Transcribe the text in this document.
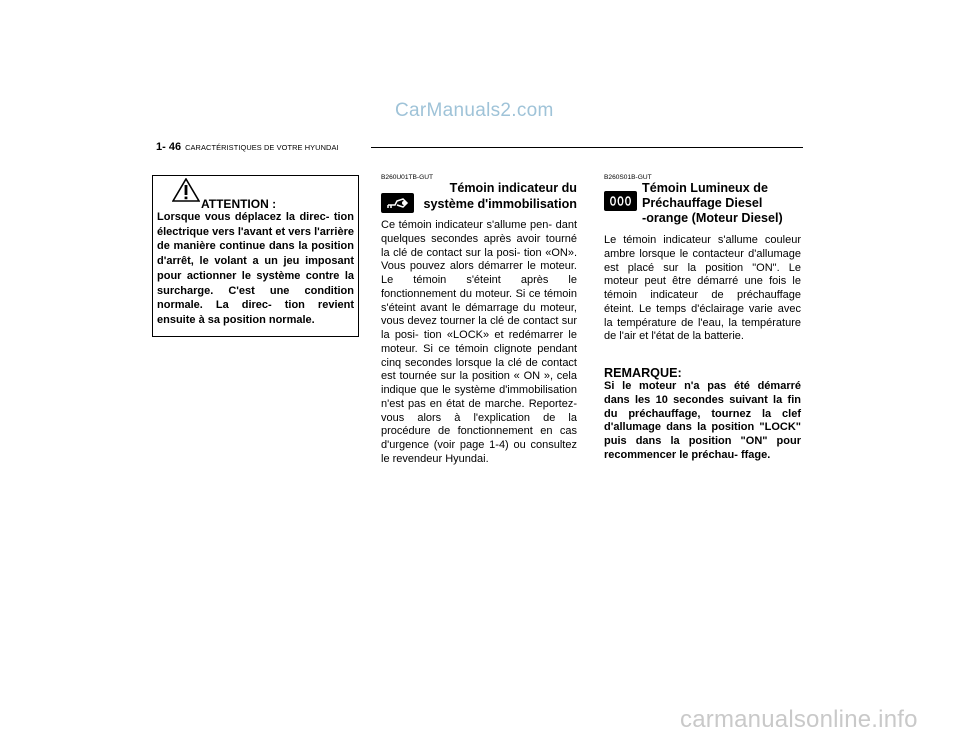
CarManuals2.com
1- 46 CARACTÉRISTIQUES DE VOTRE HYUNDAI
ATTENTION :
Lorsque vous déplacez la direc- tion électrique vers l'avant et vers l'arrière de manière continue dans la position d'arrêt, le volant a un jeu imposant pour actionner le système contre la surcharge. C'est une condition normale. La direc- tion revient ensuite à sa position normale.
B260U01TB-GUT
Témoin indicateur du
système d'immobilisation
Ce témoin indicateur s'allume pen- dant quelques secondes après avoir tourné la clé de contact sur la posi- tion «ON». Vous pouvez alors démarrer le moteur. Le témoin s'éteint après le fonctionnement du moteur. Si ce témoin s'éteint avant le démarrage du moteur, vous devez tourner la clé de contact sur la posi- tion «LOCK» et redémarrer le moteur. Si ce témoin clignote pendant cinq secondes lorsque la clé de contact est tournée sur la position « ON », cela indique que le système d'immobilisation n'est pas en état de marche. Reportez-vous alors à l'explication de la procédure de fonctionnement en cas d'urgence (voir page 1-4) ou consultez le revendeur Hyundai.
B260S01B-GUT
Témoin Lumineux de
Préchauffage Diesel
-orange (Moteur Diesel)
Le témoin indicateur s'allume couleur ambre lorsque le contacteur d'allumage est placé sur la position "ON". Le moteur peut être démarré une fois le témoin indicateur de préchauffage éteint. Le temps d'éclairage varie avec la température de l'eau, la température de l'air et l'état de la batterie.
REMARQUE:
Si le moteur n'a pas été démarré dans les 10 secondes suivant la fin du préchauffage, tournez la clef d'allumage dans la position "LOCK" puis dans la position "ON" pour recommencer le préchau- ffage.
carmanualsonline.info
